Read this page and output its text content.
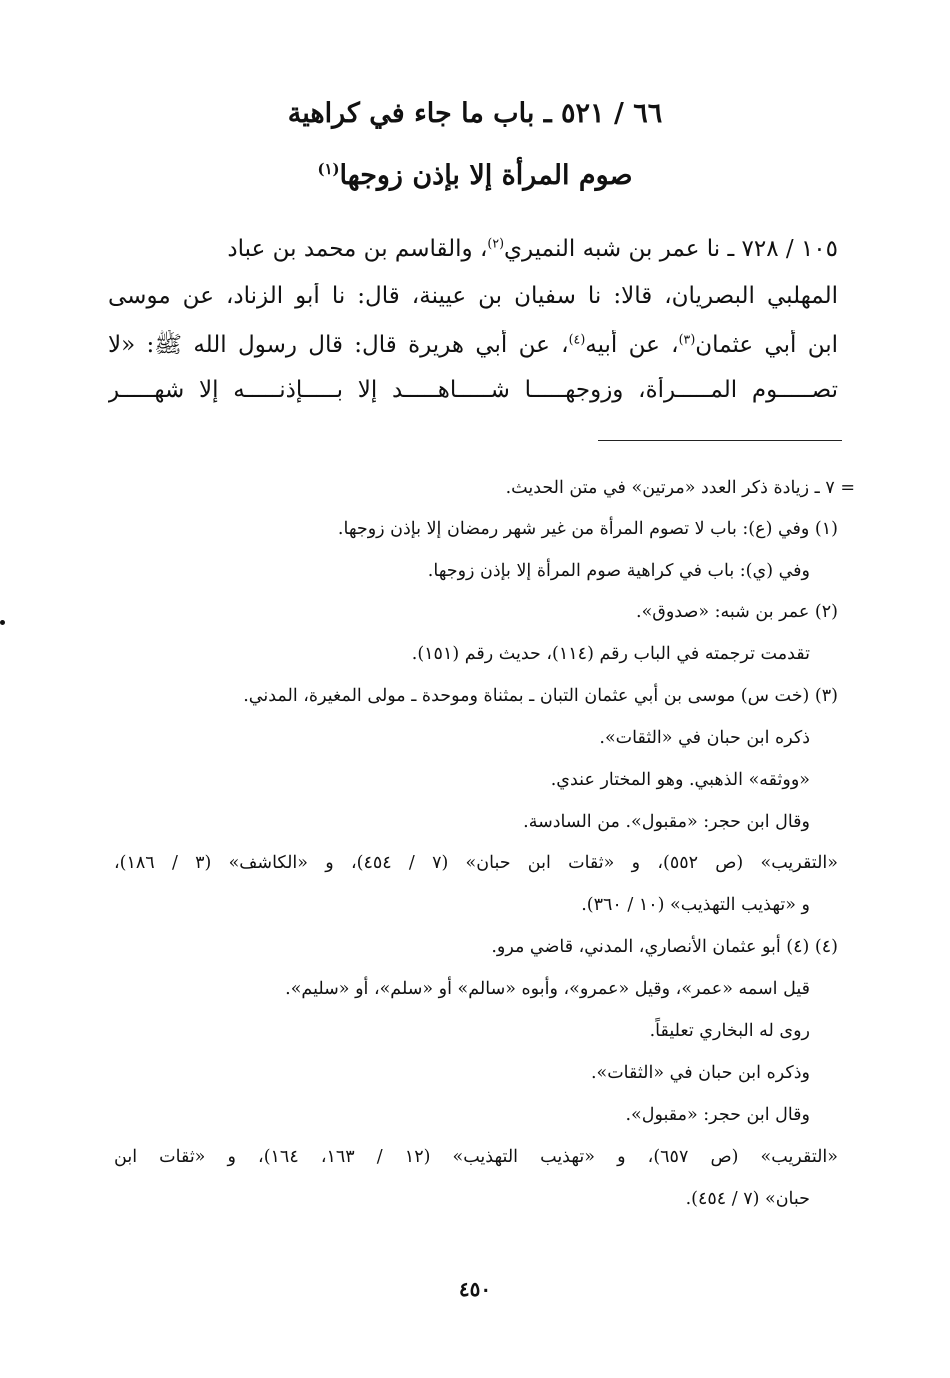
٦٦ / ٥٢١ ـ باب ما جاء في كراهية
صوم المرأة إلا بإذن زوجها$^{(١)}$
١٠٥ / ٧٢٨ ـ نا عمر بن شبه النميري$^{(٢)}$، والقاسم بن محمد بن عباد
المهلبي البصريان، قالا: نا سفيان بن عيينة، قال: نا أبو الزناد، عن موسى
ابن أبي عثمان$^{(٣)}$، عن أبيه$^{(٤)}$، عن أبي هريرة قال: قال رسول الله ﷺ: «لا
تصـــــوم المـــــرأة، وزوجهـــــا شـــــاهـــــد إلا بـــــإذنـــــه إلا شهـــــر
= ٧ ـ زيادة ذكر العدد «مرتين» في متن الحديث.
(١) وفي (ع): باب لا تصوم المرأة من غير شهر رمضان إلا بإذن زوجها.
وفي (ي): باب في كراهية صوم المرأة إلا بإذن زوجها.
(٢) عمر بن شبه: «صدوق».
تقدمت ترجمته في الباب رقم (١١٤)، حديث رقم (١٥١).
(٣) (خت س) موسى بن أبي عثمان التبان ـ بمثناة وموحدة ـ مولى المغيرة، المدني.
ذكره ابن حبان في «الثقات».
«ووثقه» الذهبي. وهو المختار عندي.
وقال ابن حجر: «مقبول». من السادسة.
«التقريب» (ص ٥٥٢)، و «ثقات ابن حبان» (٧ / ٤٥٤)، و «الكاشف» (٣ / ١٨٦)،
و «تهذيب التهذيب» (١٠ / ٣٦٠).
(٤) (٤) أبو عثمان الأنصاري، المدني، قاضي مرو.
قيل اسمه «عمر»، وقيل «عمرو»، وأبوه «سالم» أو «سلم»، أو «سليم».
روى له البخاري تعليقاً.
وذكره ابن حبان في «الثقات».
وقال ابن حجر: «مقبول».
«التقريب» (ص ٦٥٧)، و «تهذيب التهذيب» (١٢ / ١٦٣، ١٦٤)، و «ثقات ابن
حبان» (٧ / ٤٥٤).
٤٥٠
